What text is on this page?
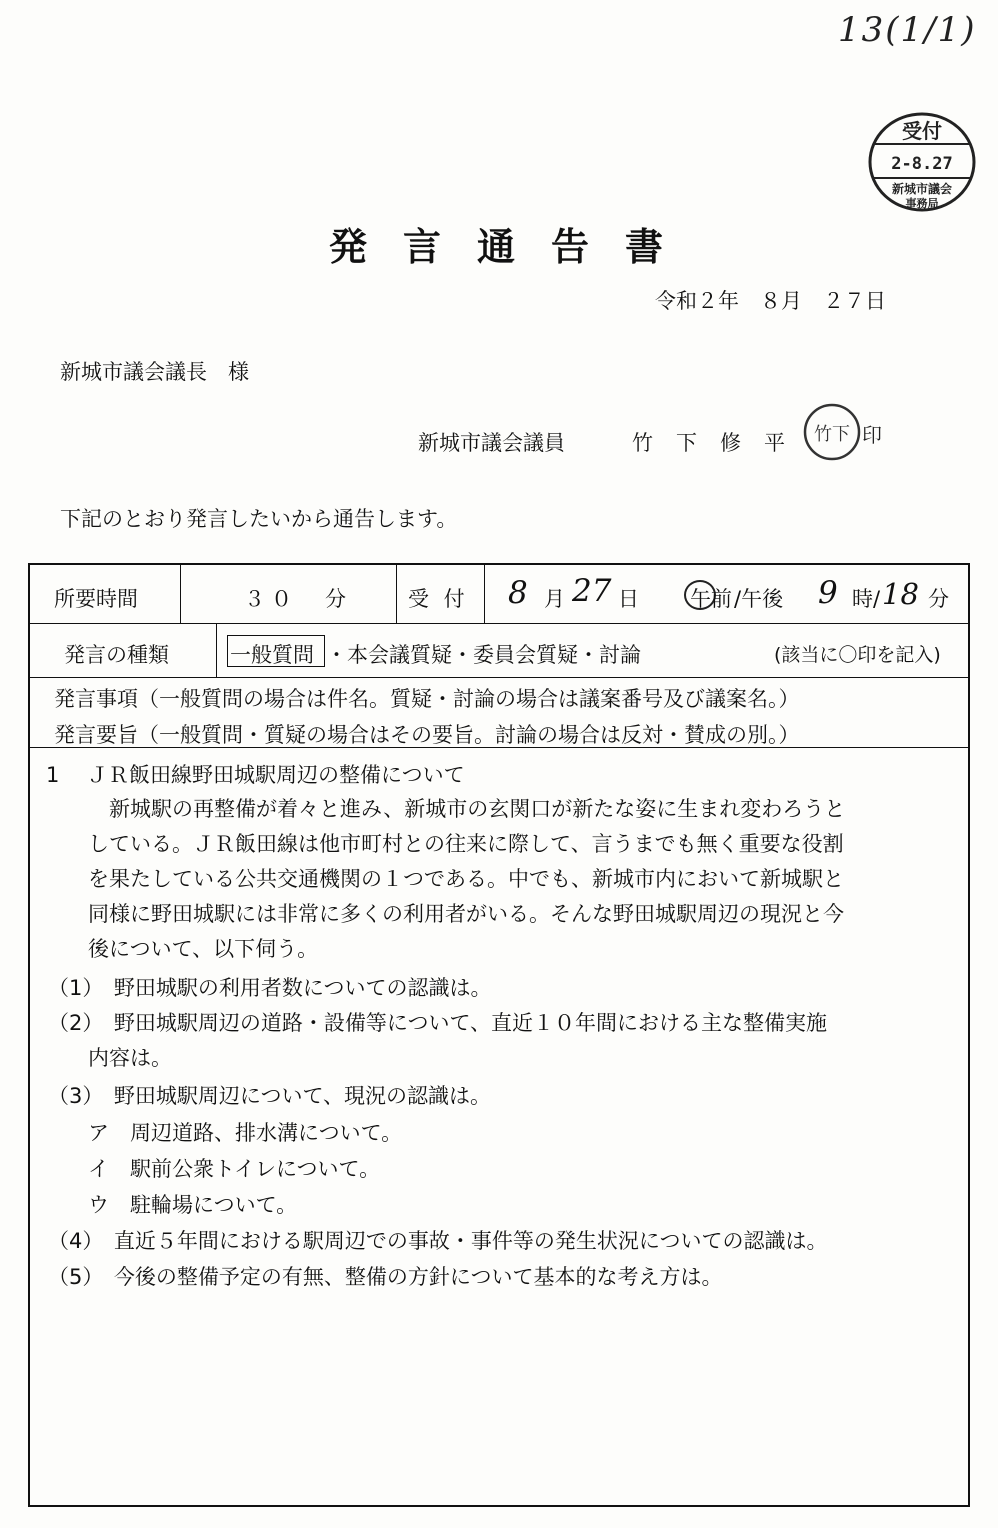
13(1/1)
受付
2-8.27
新城市議会
事務局
発言通告書
令和２年　８月　２７日
新城市議会議長　様
新城市議会議員	竹　下　修　平 竹下 印
下記のとおり発言したいから通告します。
所要時間	３０　分	受 付 8 月 27 日 午前 /午後 9 時/ 18 分
発言の種類	一般質問 ・本会議質疑・委員会質疑・討論	(該当に〇印を記入)
発言事項（一般質問の場合は件名。質疑・討論の場合は議案番号及び議案名。）
発言要旨（一般質問・質疑の場合はその要旨。討論の場合は反対・賛成の別。）
1　 ＪＲ飯田線野田城駅周辺の整備について
　新城駅の再整備が着々と進み、新城市の玄関口が新たな姿に生まれ変わろうと
している。ＪＲ飯田線は他市町村との往来に際して、言うまでも無く重要な役割
を果たしている公共交通機関の１つである。中でも、新城市内において新城駅と
同様に野田城駅には非常に多くの利用者がいる。そんな野田城駅周辺の現況と今
後について、以下伺う。
（1）　野田城駅の利用者数についての認識は。
（2）　野田城駅周辺の道路・設備等について、直近１０年間における主な整備実施
内容は。
（3）　野田城駅周辺について、現況の認識は。
ア　周辺道路、排水溝について。
イ　駅前公衆トイレについて。
ウ　駐輪場について。
（4）　直近５年間における駅周辺での事故・事件等の発生状況についての認識は。
（5）　今後の整備予定の有無、整備の方針について基本的な考え方は。
